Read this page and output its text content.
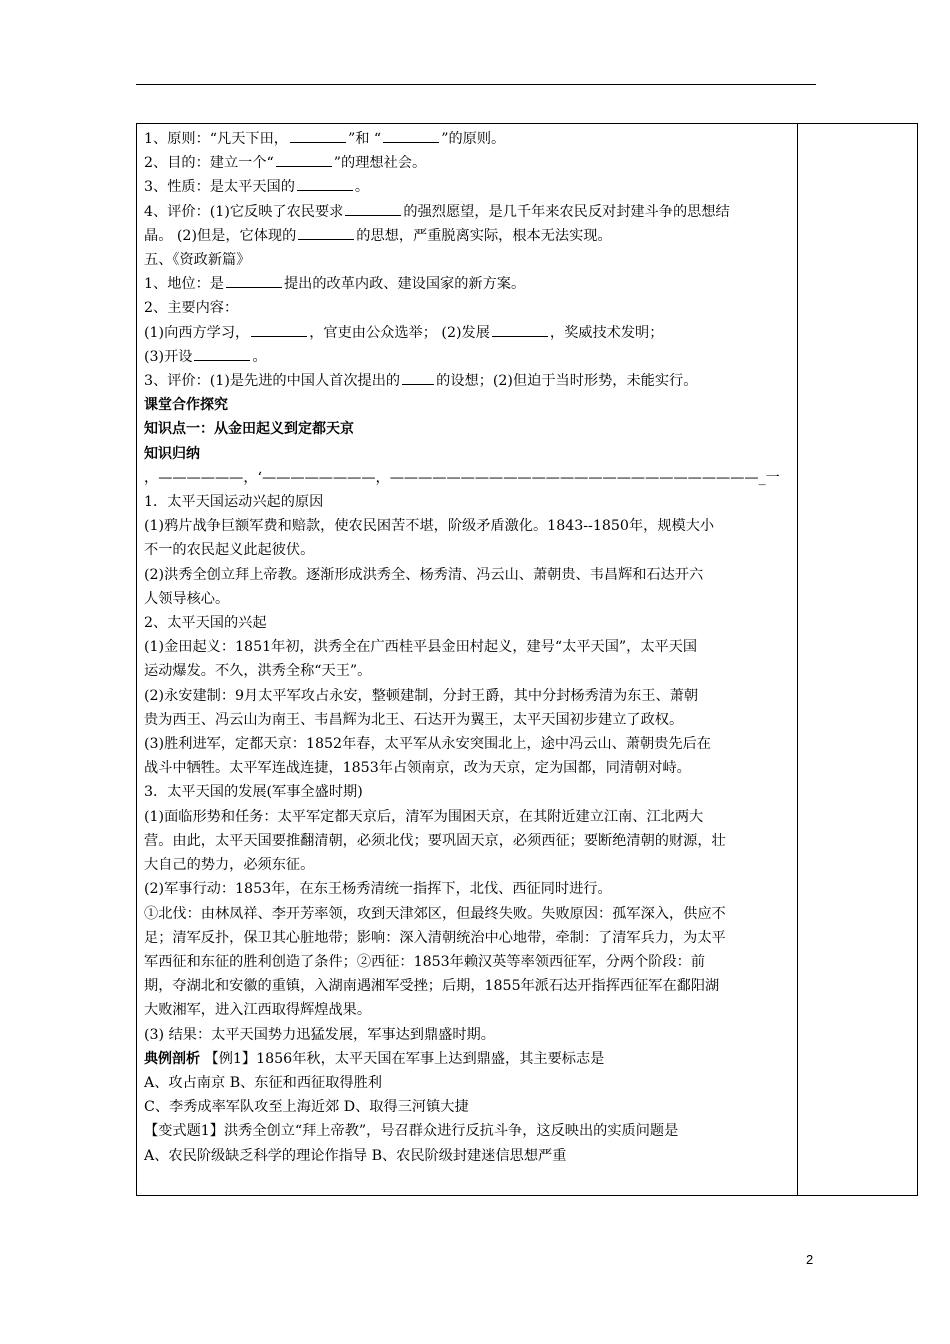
1、原则：“凡天下田，	”和 “	”的原则。
2、目的：建立一个“	”的理想社会。
3、性质：是太平天国的	。
4、评价：(1)它反映了农民要求	的强烈愿望，是几千年来农民反对封建斗争的思想结
晶。 (2)但是，它体现的	的思想，严重脱离实际，根本无法实现。
五、《资政新篇》
1、地位：是	提出的改革内政、建设国家的新方案。
2、主要内容：
(1)向西方学习，	，官吏由公众选举； (2)发展	，奖威技术发明；
(3)开设	。
3、评价：(1)是先进的中国人首次提出的	的设想；(2)但迫于当时形势，未能实行。
课堂合作探究
知识点一：从金田起义到定都天京
知识归纳
，——————，‘————————，——————————————————————————_一
1．太平天国运动兴起的原因
(1)鸦片战争巨额军费和赔款，使农民困苦不堪，阶级矛盾激化。1843--1850年，规模大小
不一的农民起义此起彼伏。
(2)洪秀全创立拜上帝教。逐渐形成洪秀全、杨秀清、冯云山、萧朝贵、韦昌辉和石达开六
人领导核心。
2、太平天国的兴起
(1)金田起义：1851年初，洪秀全在广西桂平县金田村起义，建号“太平天国”，太平天国
运动爆发。不久，洪秀全称“天王”。
(2)永安建制：9月太平军攻占永安，整顿建制，分封王爵，其中分封杨秀清为东王、萧朝
贵为西王、冯云山为南王、韦昌辉为北王、石达开为翼王，太平天国初步建立了政权。
(3)胜利进军，定都天京：1852年春，太平军从永安突围北上，途中冯云山、萧朝贵先后在
战斗中牺牲。太平军连战连捷，1853年占领南京，改为天京，定为国都，同清朝对峙。
3．太平天国的发展(军事全盛时期)
(1)面临形势和任务：太平军定都天京后，清军为围困天京，在其附近建立江南、江北两大
营。由此，太平天国要推翻清朝，必须北伐；要巩固天京，必须西征；要断绝清朝的财源，壮
大自己的势力，必须东征。
(2)军事行动：1853年，在东王杨秀清统一指挥下，北伐、西征同时进行。
①北伐：由林凤祥、李开芳率领，攻到天津郊区，但最终失败。失败原因：孤军深入，供应不
足；清军反扑，保卫其心脏地带；影响：深入清朝统治中心地带，牵制：了清军兵力，为太平
军西征和东征的胜利创造了条件；②西征：1853年赖汉英等率领西征军，分两个阶段：前
期，夺湖北和安徽的重镇，入湖南遇湘军受挫；后期，1855年派石达开指挥西征军在鄱阳湖
大败湘军，进入江西取得辉煌战果。
(3) 结果：太平天国势力迅猛发展，军事达到鼎盛时期。
典例剖析 【例1】1856年秋，太平天国在军事上达到鼎盛，其主要标志是
A、攻占南京 B、东征和西征取得胜利
C、李秀成率军队攻至上海近郊 D、取得三河镇大捷
【变式题1】洪秀全创立“拜上帝教”，号召群众进行反抗斗争，这反映出的实质问题是
A、农民阶级缺乏科学的理论作指导 B、农民阶级封建迷信思想严重
2
